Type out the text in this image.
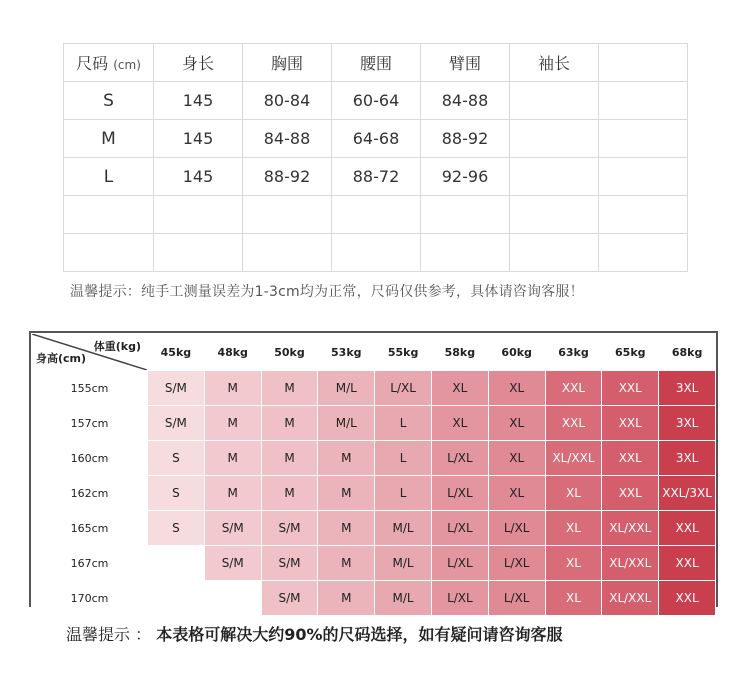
尺码 (cm)	身长	胸围	腰围	臂围	袖长	
S	145	80-84	60-64	84-88		
M	145	84-88	64-68	88-92		
L	145	88-92	88-72	92-96		

温馨提示：纯手工测量误差为1-3cm均为正常，尺码仅供参考，具体请咨询客服！
体重(kg)
身高(cm)	45kg	48kg	50kg	53kg	55kg	58kg	60kg	63kg	65kg	68kg
155cm	S/M	M	M	M/L	L/XL	XL	XL	XXL	XXL	3XL
157cm	S/M	M	M	M/L	L	XL	XL	XXL	XXL	3XL
160cm	S	M	M	M	L	L/XL	XL	XL/XXL	XXL	3XL
162cm	S	M	M	M	L	L/XL	XL	XL	XXL	XXL/3XL
165cm	S	S/M	S/M	M	M/L	L/XL	L/XL	XL	XL/XXL	XXL
167cm		S/M	S/M	M	M/L	L/XL	L/XL	XL	XL/XXL	XXL
170cm			S/M	M	M/L	L/XL	L/XL	XL	XL/XXL	XXL
温馨提示 ： 本表格可解决大约90%的尺码选择，如有疑问请咨询客服
